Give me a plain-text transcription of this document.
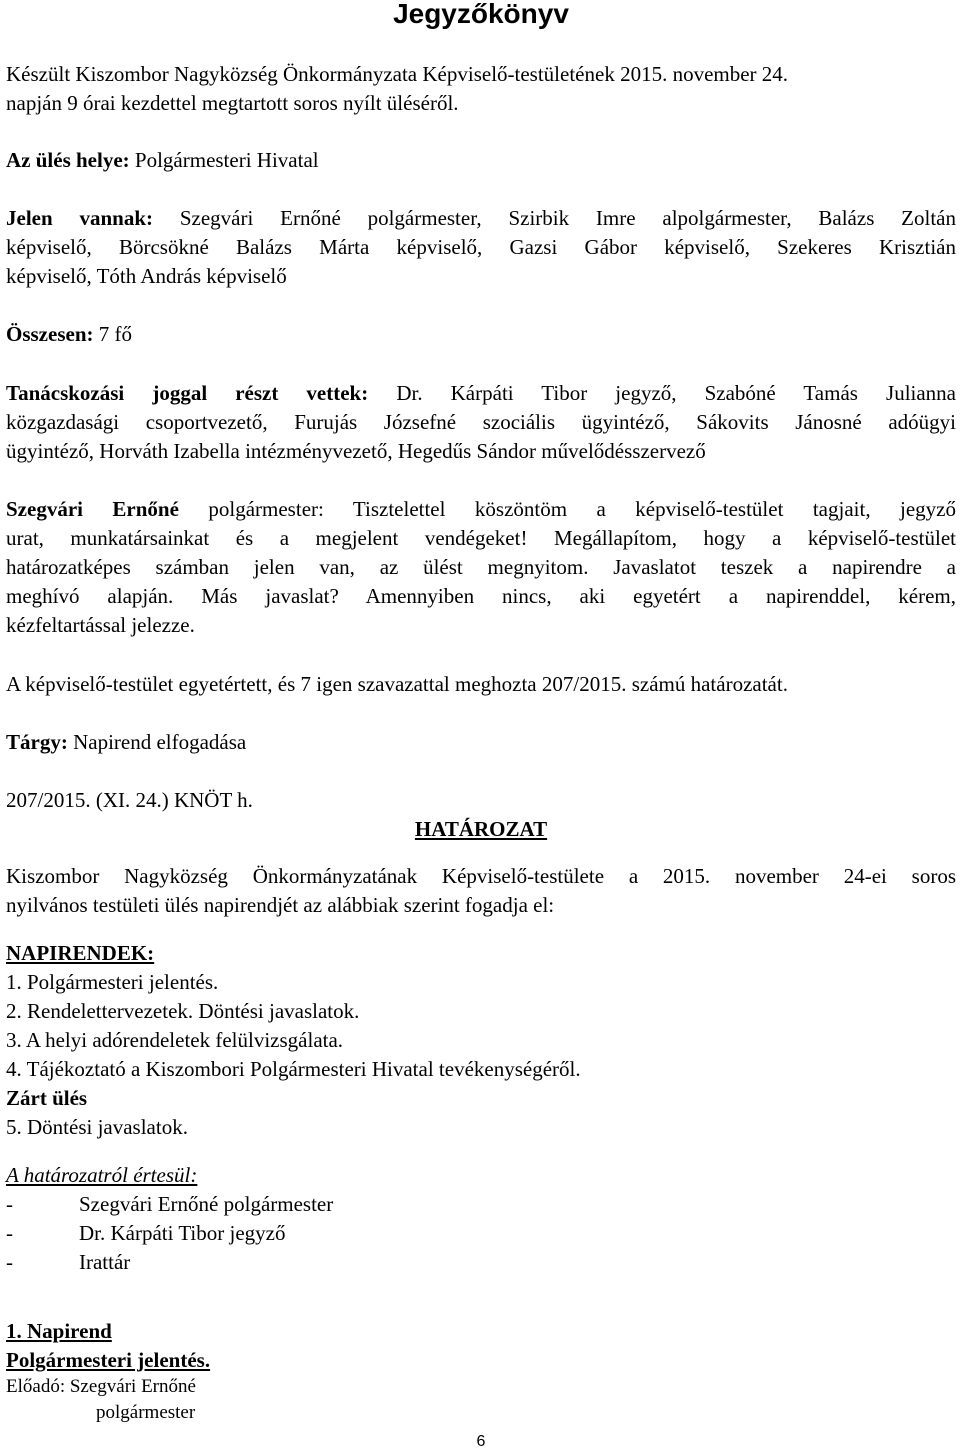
Jegyzőkönyv

Készült Kiszombor Nagyközség Önkormányzata Képviselő-testületének 2015. november 24.

napján 9 órai kezdettel megtartott soros nyílt üléséről.

Az ülés helye: Polgármesteri Hivatal

Jelen vannak: Szegvári Ernőné polgármester, Szirbik Imre alpolgármester, Balázs Zoltán

képviselő, Börcsökné Balázs Márta képviselő, Gazsi Gábor képviselő, Szekeres Krisztián

képviselő, Tóth András képviselő

Összesen: 7 fő

Tanácskozási joggal részt vettek: Dr. Kárpáti Tibor jegyző, Szabóné Tamás Julianna

közgazdasági csoportvezető, Furujás Józsefné szociális ügyintéző, Sákovits Jánosné adóügyi

ügyintéző, Horváth Izabella intézményvezető, Hegedűs Sándor művelődésszervező

Szegvári Ernőné polgármester: Tisztelettel köszöntöm a képviselő-testület tagjait, jegyző

urat, munkatársainkat és a megjelent vendégeket! Megállapítom, hogy a képviselő-testület

határozatképes számban jelen van, az ülést megnyitom. Javaslatot teszek a napirendre a

meghívó alapján. Más javaslat? Amennyiben nincs, aki egyetért a napirenddel, kérem,

kézfeltartással jelezze.

A képviselő-testület egyetértett, és 7 igen szavazattal meghozta 207/2015. számú határozatát.

Tárgy: Napirend elfogadása

207/2015. (XI. 24.) KNÖT h.

HATÁROZAT

Kiszombor Nagyközség Önkormányzatának Képviselő-testülete a 2015. november 24-ei soros

nyilvános testületi ülés napirendjét az alábbiak szerint fogadja el:

NAPIRENDEK:

1. Polgármesteri jelentés.

2. Rendelettervezetek. Döntési javaslatok.

3. A helyi adórendeletek felülvizsgálata.

4. Tájékoztató a Kiszombori Polgármesteri Hivatal tevékenységéről.

Zárt ülés

5. Döntési javaslatok.

A határozatról értesül:

-	Szegvári Ernőné polgármester

-	Dr. Kárpáti Tibor jegyző

-	Irattár

1. Napirend

Polgármesteri jelentés.

Előadó: Szegvári Ernőné

polgármester

6
